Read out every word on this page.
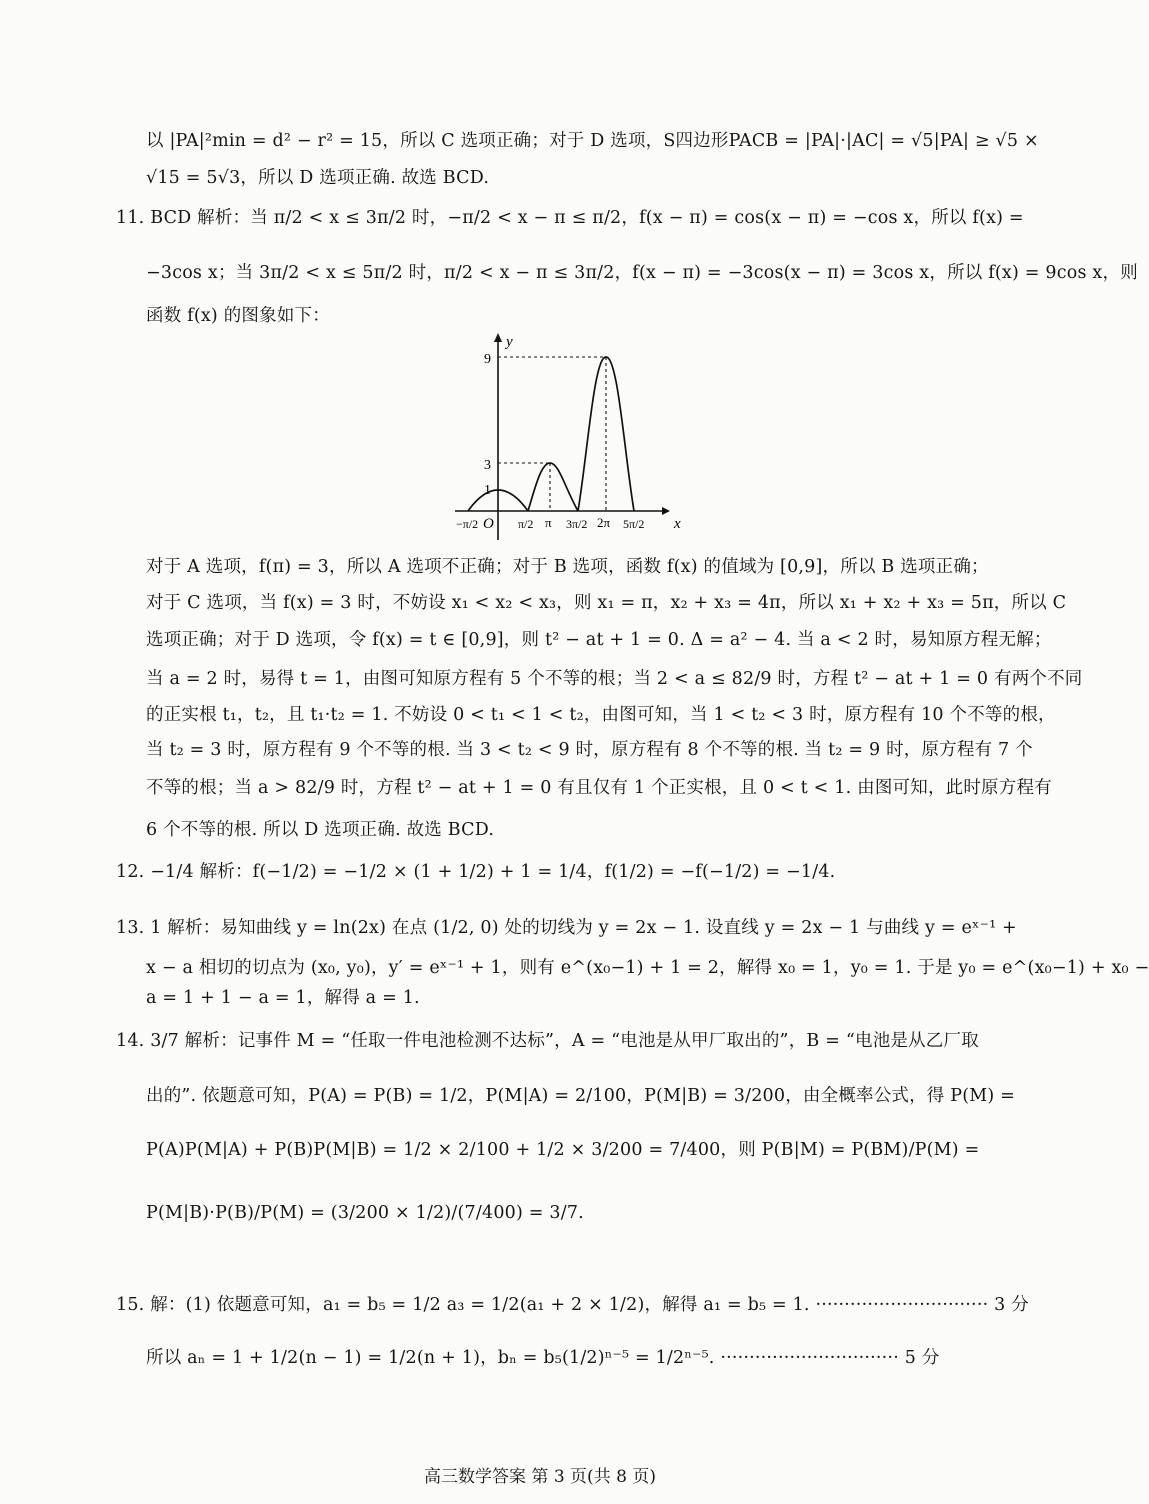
以 |PA|²min = d² − r² = 15，所以 C 选项正确；对于 D 选项，S四边形PACB = |PA|·|AC| = √5|PA| ≥ √5 ×
√15 = 5√3，所以 D 选项正确. 故选 BCD.
11. BCD 解析：当 π/2 < x ≤ 3π/2 时，−π/2 < x − π ≤ π/2，f(x − π) = cos(x − π) = −cos x，所以 f(x) =
−3cos x；当 3π/2 < x ≤ 5π/2 时，π/2 < x − π ≤ 3π/2，f(x − π) = −3cos(x − π) = 3cos x，所以 f(x) = 9cos x，则
函数 f(x) 的图象如下：
y
x
O
9
3
1
−π/2	π/2 π 3π/2 2π 5π/2
对于 A 选项，f(π) = 3，所以 A 选项不正确；对于 B 选项，函数 f(x) 的值域为 [0,9]，所以 B 选项正确；
对于 C 选项，当 f(x) = 3 时，不妨设 x₁ < x₂ < x₃，则 x₁ = π，x₂ + x₃ = 4π，所以 x₁ + x₂ + x₃ = 5π，所以 C
选项正确；对于 D 选项，令 f(x) = t ∈ [0,9]，则 t² − at + 1 = 0. Δ = a² − 4. 当 a < 2 时，易知原方程无解；
当 a = 2 时，易得 t = 1，由图可知原方程有 5 个不等的根；当 2 < a ≤ 82/9 时，方程 t² − at + 1 = 0 有两个不同
的正实根 t₁，t₂，且 t₁·t₂ = 1. 不妨设 0 < t₁ < 1 < t₂，由图可知，当 1 < t₂ < 3 时，原方程有 10 个不等的根，
当 t₂ = 3 时，原方程有 9 个不等的根. 当 3 < t₂ < 9 时，原方程有 8 个不等的根. 当 t₂ = 9 时，原方程有 7 个
不等的根；当 a > 82/9 时，方程 t² − at + 1 = 0 有且仅有 1 个正实根，且 0 < t < 1. 由图可知，此时原方程有
6 个不等的根. 所以 D 选项正确. 故选 BCD.
12. −1/4 解析：f(−1/2) = −1/2 × (1 + 1/2) + 1 = 1/4，f(1/2) = −f(−1/2) = −1/4.
13. 1 解析：易知曲线 y = ln(2x) 在点 (1/2, 0) 处的切线为 y = 2x − 1. 设直线 y = 2x − 1 与曲线 y = eˣ⁻¹ +
x − a 相切的切点为 (x₀, y₀)，y′ = eˣ⁻¹ + 1，则有 e^(x₀−1) + 1 = 2，解得 x₀ = 1，y₀ = 1. 于是 y₀ = e^(x₀−1) + x₀ −
a = 1 + 1 − a = 1，解得 a = 1.
14. 3/7 解析：记事件 M = “任取一件电池检测不达标”，A = “电池是从甲厂取出的”，B = “电池是从乙厂取
出的”. 依题意可知，P(A) = P(B) = 1/2，P(M|A) = 2/100，P(M|B) = 3/200，由全概率公式，得 P(M) =
P(A)P(M|A) + P(B)P(M|B) = 1/2 × 2/100 + 1/2 × 3/200 = 7/400，则 P(B|M) = P(BM)/P(M) =
P(M|B)·P(B)/P(M) = (3/200 × 1/2)/(7/400) = 3/7.
15. 解：(1) 依题意可知，a₁ = b₅ = 1/2 a₃ = 1/2(a₁ + 2 × 1/2)，解得 a₁ = b₅ = 1. ······························ 3 分
所以 aₙ = 1 + 1/2(n − 1) = 1/2(n + 1)，bₙ = b₅(1/2)ⁿ⁻⁵ = 1/2ⁿ⁻⁵. ······························· 5 分
高三数学答案 第 3 页(共 8 页)
